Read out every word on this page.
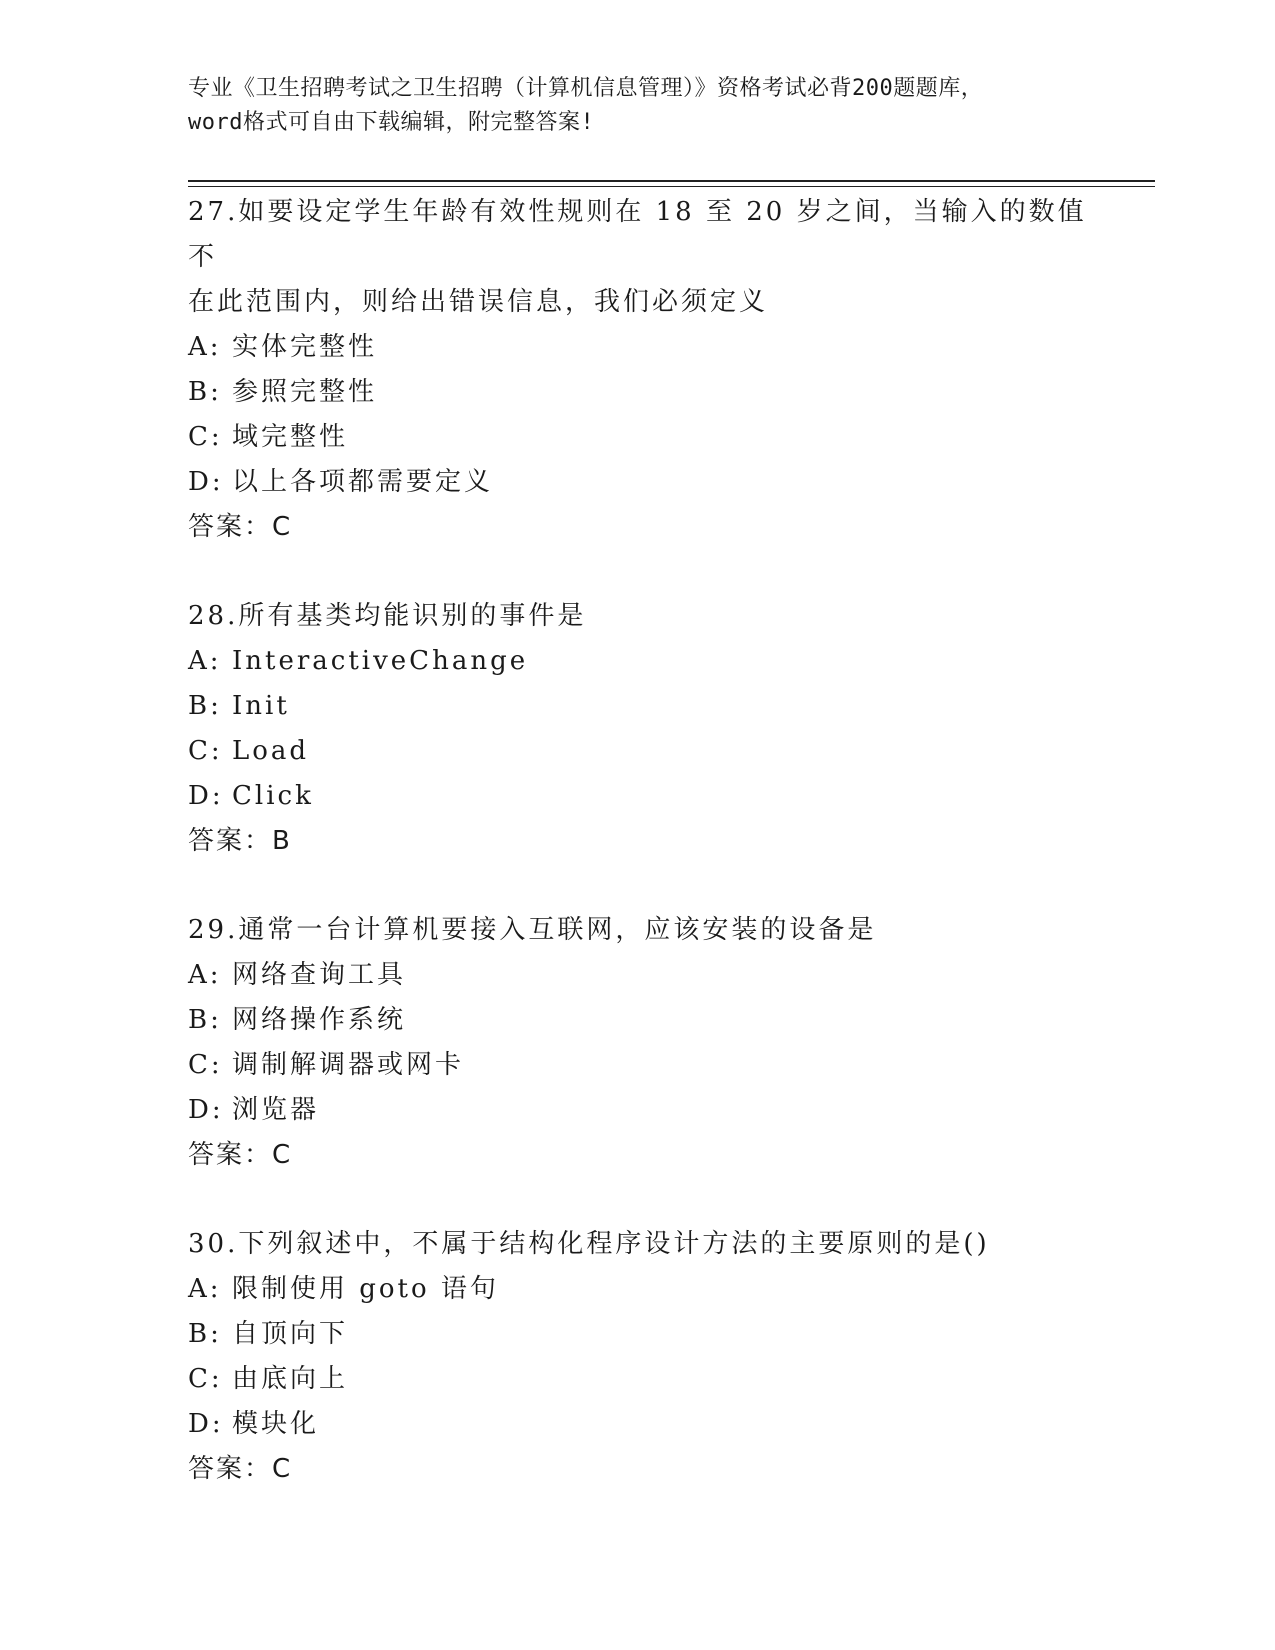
专业《卫生招聘考试之卫生招聘（计算机信息管理）》资格考试必背200题题库，
word格式可自由下载编辑，附完整答案!
27.如要设定学生年龄有效性规则在 18 至 20 岁之间，当输入的数值不
在此范围内，则给出错误信息，我们必须定义
A: 实体完整性
B: 参照完整性
C: 域完整性
D: 以上各项都需要定义
答案：C
28.所有基类均能识别的事件是
A: InteractiveChange
B: Init
C: Load
D: Click
答案：B
29.通常一台计算机要接入互联网，应该安装的设备是
A: 网络查询工具
B: 网络操作系统
C: 调制解调器或网卡
D: 浏览器
答案：C
30.下列叙述中，不属于结构化程序设计方法的主要原则的是()
A: 限制使用 goto 语句
B: 自顶向下
C: 由底向上
D: 模块化
答案：C
